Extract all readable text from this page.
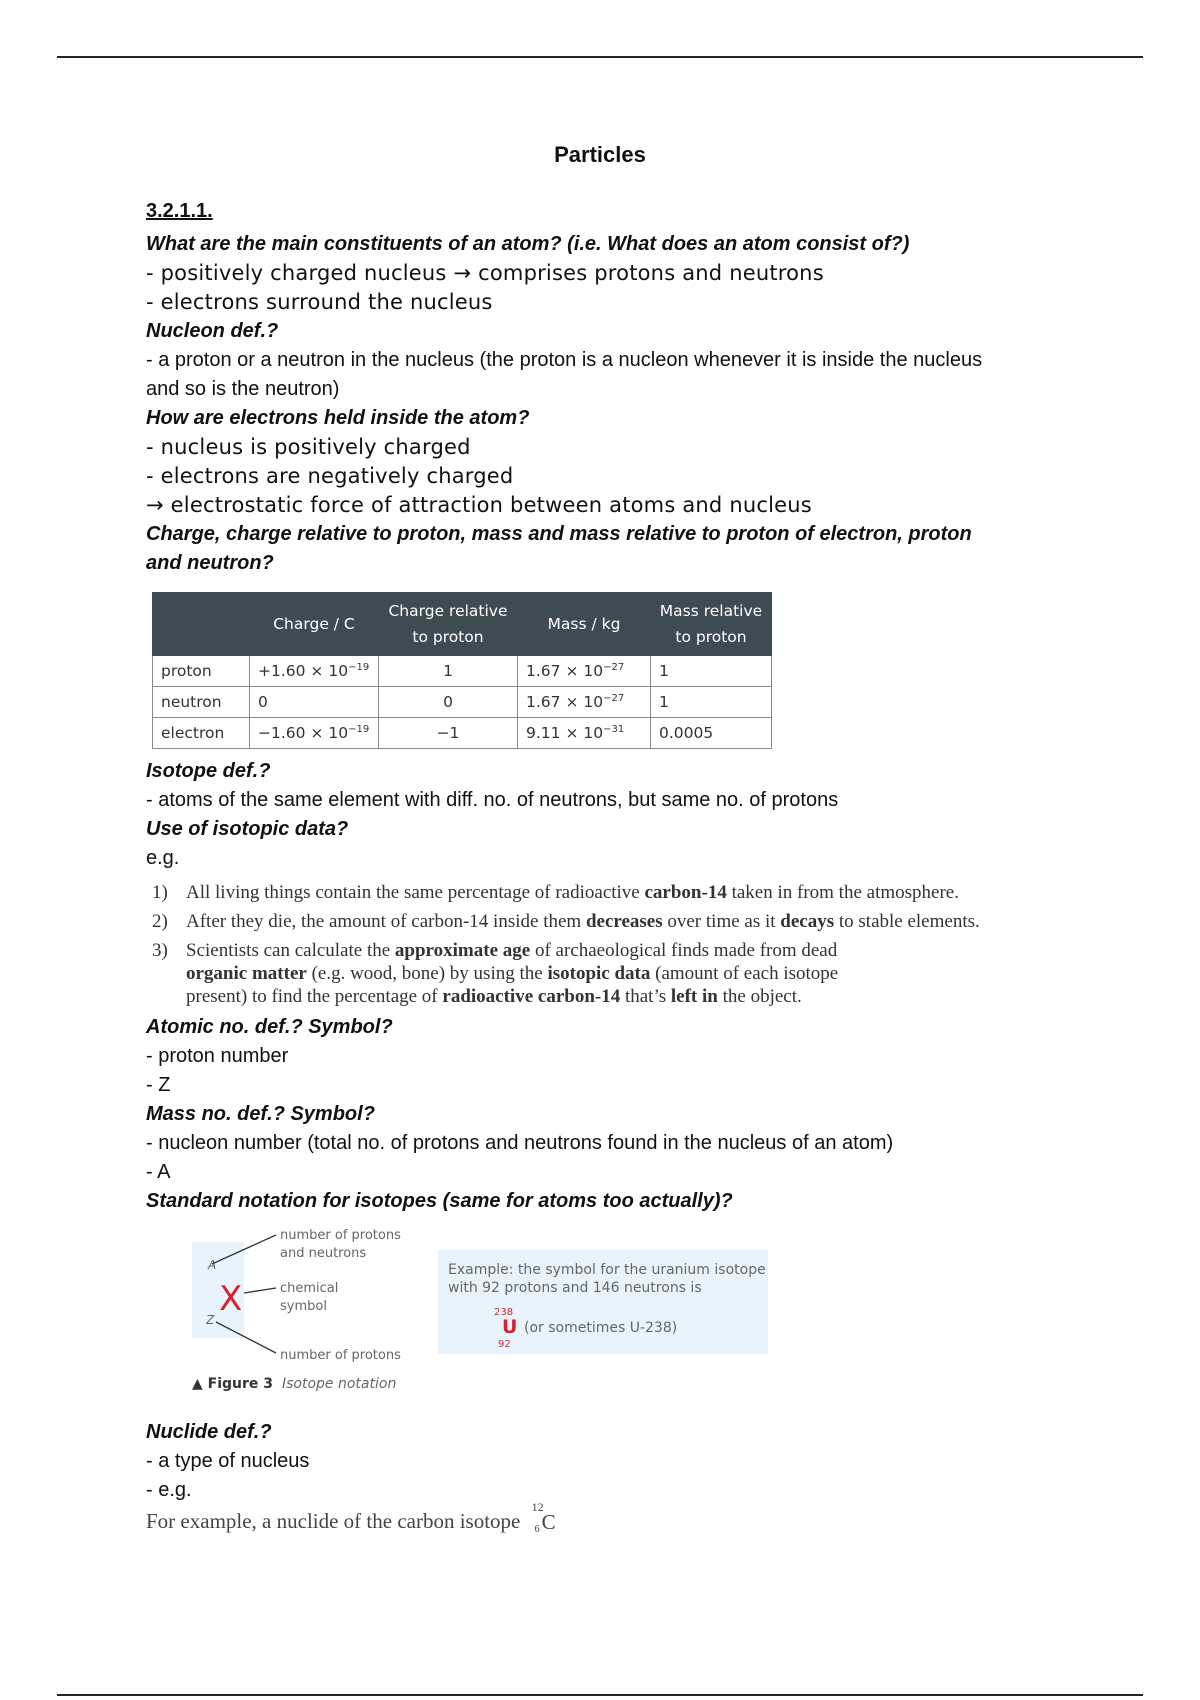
Particles
3.2.1.1.

What are the main constituents of an atom? (i.e. What does an atom consist of?)

- positively charged nucleus → comprises protons and neutrons

- electrons surround the nucleus

Nucleon def.?

- a proton or a neutron in the nucleus (the proton is a nucleon whenever it is inside the nucleus and so is the neutron)

How are electrons held inside the atom?

- nucleus is positively charged

- electrons are negatively charged

→ electrostatic force of attraction between atoms and nucleus

Charge, charge relative to proton, mass and mass relative to proton of electron, proton and neutron?

	Charge / C	Charge relative to proton	Mass / kg	Mass relative to proton
proton	$+1.60 \times 10^{-19}$	1	$1.67 \times 10^{-27}$	1
neutron	0	0	$1.67 \times 10^{-27}$	1
electron	$-1.60 \times 10^{-19}$	−1	$9.11 \times 10^{-31}$	0.0005

Isotope def.?

- atoms of the same element with diff. no. of neutrons, but same no. of protons

Use of isotopic data?

e.g.

1) All living things contain the same percentage of radioactive carbon-14 taken in from the atmosphere.
2) After they die, the amount of carbon-14 inside them decreases over time as it decays to stable elements.
3) Scientists can calculate the approximate age of archaeological finds made from dead
organic matter (e.g. wood, bone) by using the isotopic data (amount of each isotope
present) to find the percentage of radioactive carbon-14 that’s left in the object.

Atomic no. def.? Symbol?

- proton number

- Z

Mass no. def.? Symbol?

- nucleon number (total no. of protons and neutrons found in the nucleus of an atom)

- A

Standard notation for isotopes (same for atoms too actually)?

A
Z
X
number of protons
and neutrons
chemical
symbol
number of protons
▲ Figure 3 Isotope notation
Example: the symbol for the uranium isotope
with 92 protons and 146 neutrons is
238
U
92
(or sometimes U-238)

Nuclide def.?

- a type of nucleus

- e.g.

For example, a nuclide of the carbon isotope
12
6 C
